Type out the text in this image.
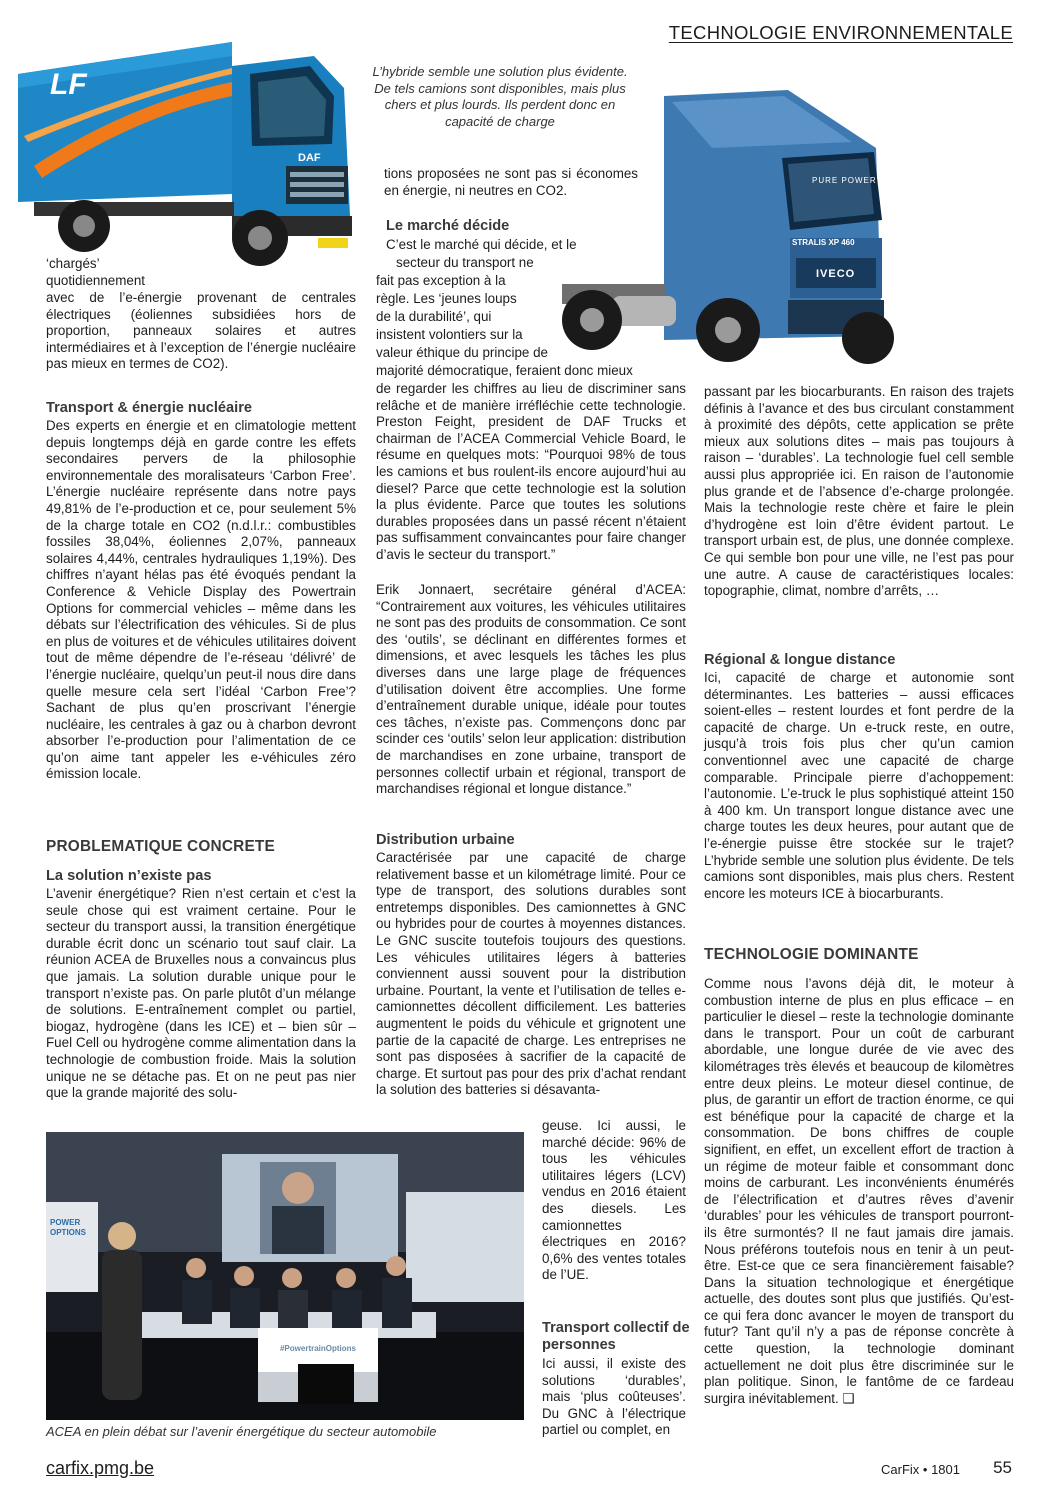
TECHNOLOGIE ENVIRONNEMENTALE
LF
DAF
PURE POWER
STRALIS XP 460
IVECO
L’hybride semble une solution plus évidente. De tels camions sont disponibles, mais plus chers et plus lourds. Ils perdent donc en capacité de charge
‘chargés’
quotidiennement
avec de l’e-énergie provenant de centrales électriques (éoliennes subsidiées hors de proportion, panneaux solaires et autres intermédiaires et à l’exception de l’énergie nucléaire pas mieux en termes de CO2).
Transport & énergie nucléaire
Des experts en énergie et en climatologie mettent depuis longtemps déjà en garde contre les effets secondaires pervers de la philosophie environnementale des moralisateurs ‘Carbon Free’. L’énergie nucléaire représente dans notre pays 49,81% de l’e-production et ce, pour seulement 5% de la charge totale en CO2 (n.d.l.r.: combustibles fossiles 38,04%, éoliennes 2,07%, panneaux solaires 4,44%, centrales hydrauliques 1,19%). Des chiffres n’ayant hélas pas été évoqués pendant la Conference & Vehicle Display des Powertrain Options for commercial vehicles – même dans les débats sur l’électrification des véhicules. Si de plus en plus de voitures et de véhicules utilitaires doivent tout de même dépendre de l’e-réseau ‘délivré’ de l’énergie nucléaire, quelqu’un peut-il nous dire dans quelle mesure cela sert l’idéal ‘Carbon Free’? Sachant de plus qu’en proscrivant l’énergie nucléaire, les centrales à gaz ou à charbon devront absorber l’e-production pour l’alimentation de ce qu’on aime tant appeler les e-véhicules zéro émission locale.
PROBLEMATIQUE CONCRETE
La solution n’existe pas
L’avenir énergétique? Rien n’est certain et c’est la seule chose qui est vraiment certaine. Pour le secteur du transport aussi, la transition énergétique durable écrit donc un scénario tout sauf clair. La réunion ACEA de Bruxelles nous a convaincus plus que jamais. La solution durable unique pour le transport n’existe pas. On parle plutôt d’un mélange de solutions. E-entraînement complet ou partiel, biogaz, hydrogène (dans les ICE) et – bien sûr – Fuel Cell ou hydrogène comme alimentation dans la technologie de combustion froide. Mais la solution unique ne se détache pas. Et on ne peut pas nier que la grande majorité des solu-
tions proposées ne sont pas si économes en énergie, ni neutres en CO2.
Le marché décide
C’est le marché qui décide, et le
secteur du transport ne
fait pas exception à la
règle. Les ‘jeunes loups
de la durabilité’, qui
insistent volontiers sur la
valeur éthique du principe de
majorité démocratique, feraient donc mieux
de regarder les chiffres au lieu de discriminer sans relâche et de manière irréfléchie cette technologie. Preston Feight, president de DAF Trucks et chairman de l’ACEA Commercial Vehicle Board, le résume en quelques mots: “Pourquoi 98% de tous les camions et bus roulent-ils encore aujourd’hui au diesel? Parce que cette technologie est la solution la plus évidente. Parce que toutes les solutions durables proposées dans un passé récent n’étaient pas suffisamment convaincantes pour faire changer d’avis le secteur du transport.”
Erik Jonnaert, secrétaire général d’ACEA: “Contrairement aux voitures, les véhicules utilitaires ne sont pas des produits de consommation. Ce sont des ‘outils’, se déclinant en différentes formes et dimensions, et avec lesquels les tâches les plus diverses dans une large plage de fréquences d’utilisation doivent être accomplies. Une forme d’entraînement durable unique, idéale pour toutes ces tâches, n’existe pas. Commençons donc par scinder ces ‘outils’ selon leur application: distribution de marchandises en zone urbaine, transport de personnes collectif urbain et régional, transport de marchandises régional et longue distance.”
Distribution urbaine
Caractérisée par une capacité de charge relativement basse et un kilométrage limité. Pour ce type de transport, des solutions durables sont entretemps disponibles. Des camionnettes à GNC ou hybrides pour de courtes à moyennes distances. Le GNC suscite toutefois toujours des questions. Les véhicules utilitaires légers à batteries conviennent aussi souvent pour la distribution urbaine. Pourtant, la vente et l’utilisation de telles e-camionnettes décollent difficilement. Les batteries augmentent le poids du véhicule et grignotent une partie de la capacité de charge. Les entreprises ne sont pas disposées à sacrifier de la capacité de charge. Et surtout pas pour des prix d’achat rendant la solution des batteries si désavanta-
geuse. Ici aussi, le marché décide: 96% de tous les véhicules utilitaires légers (LCV) vendus en 2016 étaient des diesels. Les camionnettes électriques en 2016? 0,6% des ventes totales de l’UE.
Transport collectif de personnes
Ici aussi, il existe des solutions ‘durables’, mais ‘plus coûteuses’. Du GNC à l’électrique partiel ou complet, en
#PowertrainOptions
POWER OPTIONS
ACEA en plein débat sur l’avenir énergétique du secteur automobile
passant par les biocarburants. En raison des trajets définis à l’avance et des bus circulant constamment à proximité des dépôts, cette application se prête mieux aux solutions dites – mais pas toujours à raison – ‘durables’. La technologie fuel cell semble aussi plus appropriée ici. En raison de l’autonomie plus grande et de l’absence d’e-charge prolongée. Mais la technologie reste chère et faire le plein d’hydrogène est loin d’être évident partout. Le transport urbain est, de plus, une donnée complexe. Ce qui semble bon pour une ville, ne l’est pas pour une autre. A cause de caractéristiques locales: topographie, climat, nombre d’arrêts, …
Régional & longue distance
Ici, capacité de charge et autonomie sont déterminantes. Les batteries – aussi efficaces soient-elles – restent lourdes et font perdre de la capacité de charge. Un e-truck reste, en outre, jusqu’à trois fois plus cher qu’un camion conventionnel avec une capacité de charge comparable. Principale pierre d’achoppement: l’autonomie. L’e-truck le plus sophistiqué atteint 150 à 400 km. Un transport longue distance avec une charge toutes les deux heures, pour autant que de l’e-énergie puisse être stockée sur le trajet? L’hybride semble une solution plus évidente. De tels camions sont disponibles, mais plus chers. Restent encore les moteurs ICE à biocarburants.
TECHNOLOGIE DOMINANTE
Comme nous l’avons déjà dit, le moteur à combustion interne de plus en plus efficace – en particulier le diesel – reste la technologie dominante dans le transport. Pour un coût de carburant abordable, une longue durée de vie avec des kilométrages très élevés et beaucoup de kilomètres entre deux pleins. Le moteur diesel continue, de plus, de garantir un effort de traction énorme, ce qui est bénéfique pour la capacité de charge et la consommation. De bons chiffres de couple signifient, en effet, un excellent effort de traction à un régime de moteur faible et consommant donc moins de carburant. Les inconvénients énumérés de l’électrification et d’autres rêves d’avenir ‘durables’ pour les véhicules de transport pourront-ils être surmontés? Il ne faut jamais dire jamais. Nous préférons toutefois nous en tenir à un peut-être. Est-ce que ce sera financièrement faisable? Dans la situation technologique et énergétique actuelle, des doutes sont plus que justifiés. Qu’est-ce qui fera donc avancer le moyen de transport du futur? Tant qu’il n’y a pas de réponse concrète à cette question, la technologie dominant actuellement ne doit plus être discriminée sur le plan politique. Sinon, le fantôme de ce fardeau surgira inévitablement. ❑
carfix.pmg.be	CarFix • 1801 55
